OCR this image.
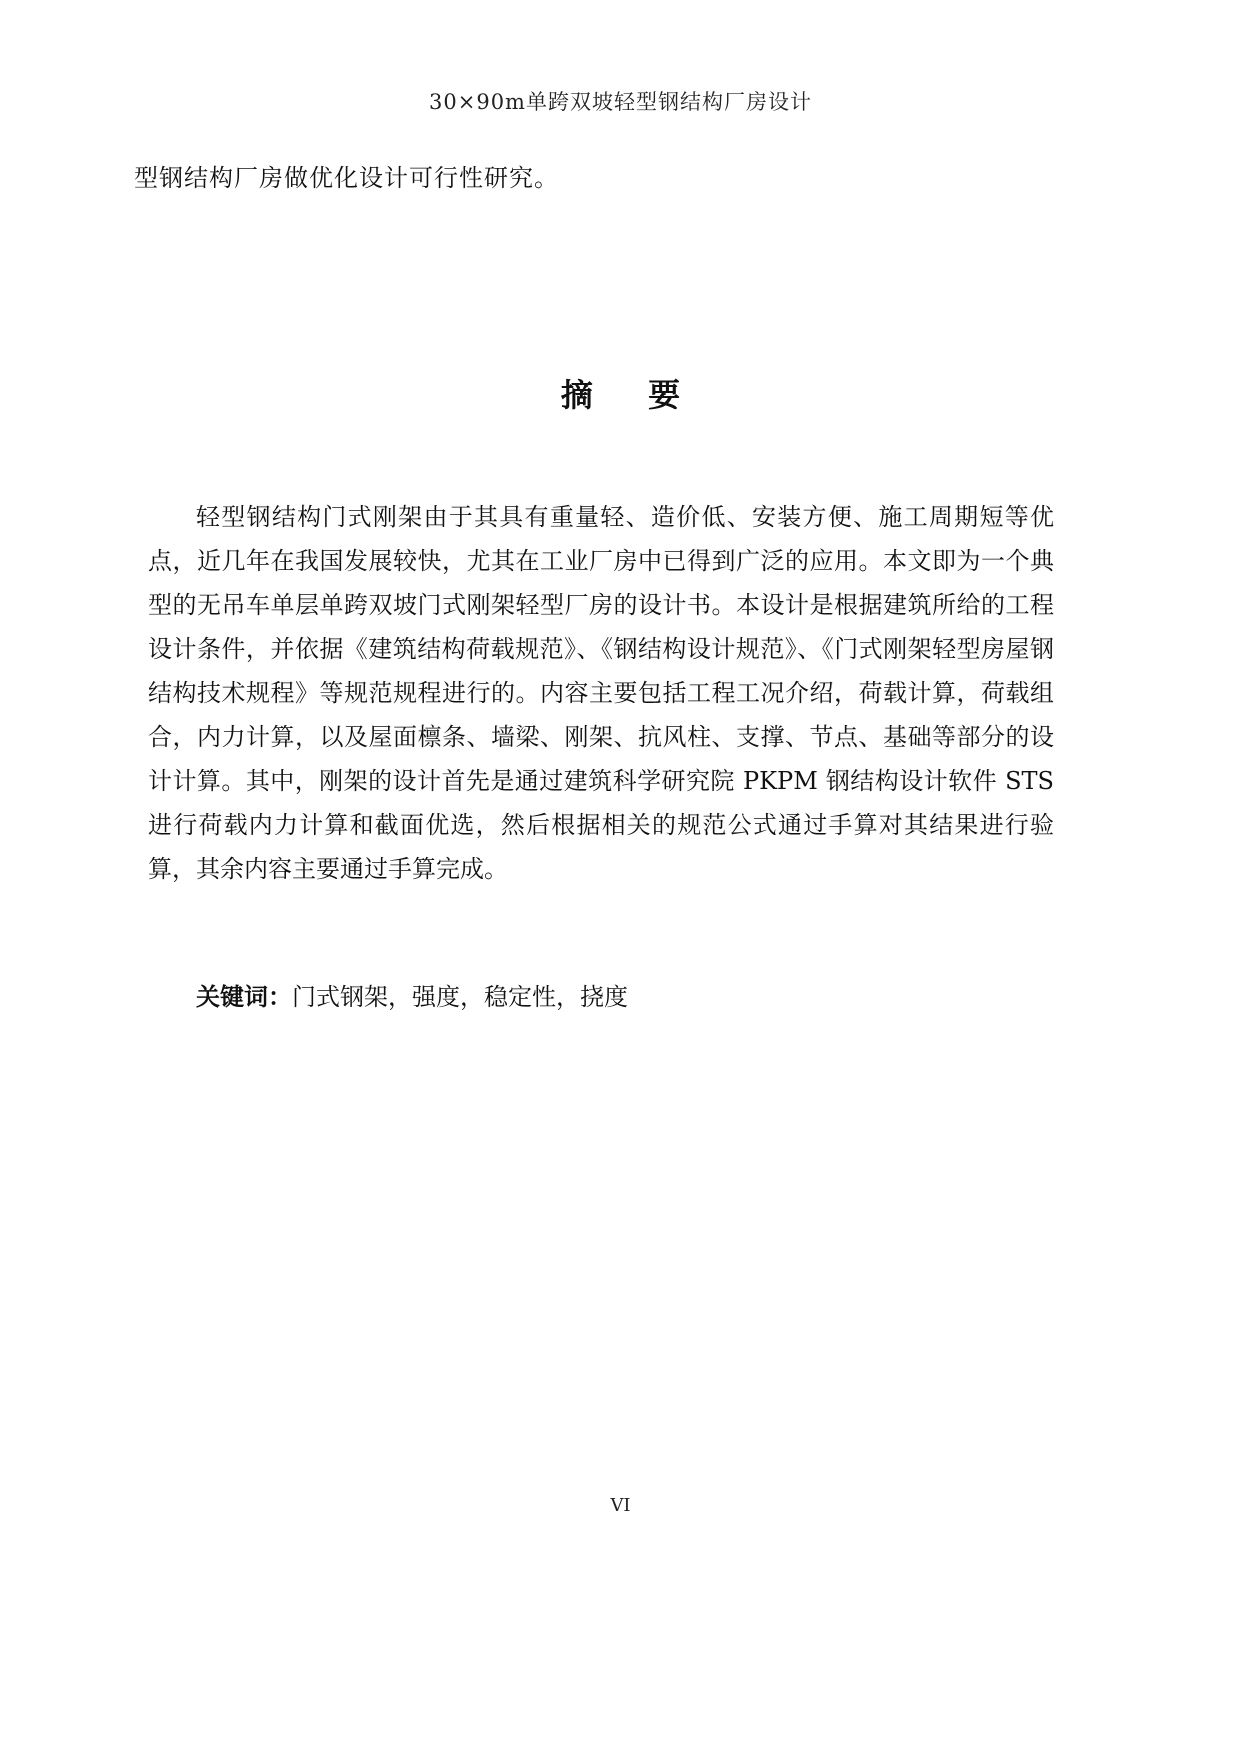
30×90m单跨双坡轻型钢结构厂房设计
型钢结构厂房做优化设计可行性研究。
摘 要

轻型钢结构门式刚架由于其具有重量轻、造价低、安装方便、施工周期短等优点，近几年在我国发展较快，尤其在工业厂房中已得到广泛的应用。本文即为一个典型的无吊车单层单跨双坡门式刚架轻型厂房的设计书。本设计是根据建筑所给的工程设计条件，并依据《建筑结构荷载规范》、《钢结构设计规范》、《门式刚架轻型房屋钢结构技术规程》等规范规程进行的。内容主要包括工程工况介绍，荷载计算，荷载组合，内力计算，以及屋面檩条、墙梁、刚架、抗风柱、支撑、节点、基础等部分的设计计算。其中，刚架的设计首先是通过建筑科学研究院 PKPM 钢结构设计软件 STS 进行荷载内力计算和截面优选，然后根据相关的规范公式通过手算对其结果进行验算，其余内容主要通过手算完成。

关键词：门式钢架，强度，稳定性，挠度
VI
